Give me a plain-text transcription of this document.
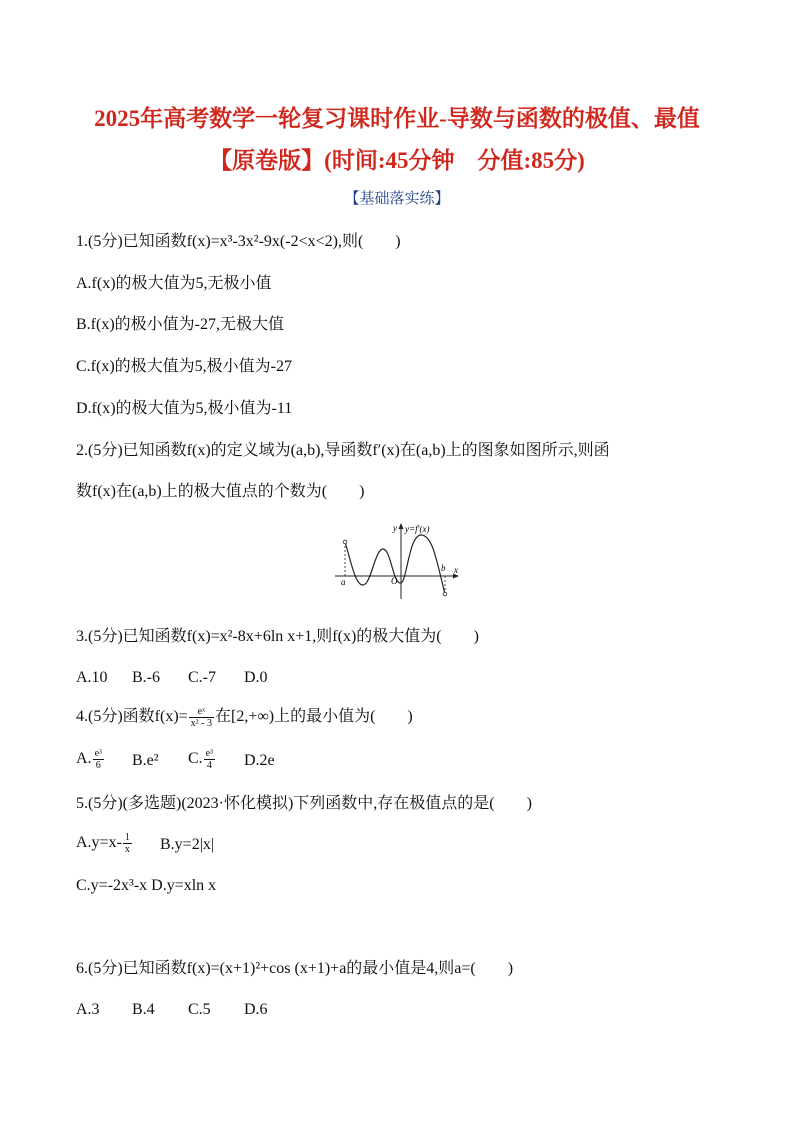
2025年高考数学一轮复习课时作业-导数与函数的极值、最值
【原卷版】(时间:45分钟　分值:85分)
【基础落实练】
1.(5分)已知函数f(x)=x³-3x²-9x(-2<x<2),则(　　)
A.f(x)的极大值为5,无极小值
B.f(x)的极小值为-27,无极大值
C.f(x)的极大值为5,极小值为-27
D.f(x)的极大值为5,极小值为-11
2.(5分)已知函数f(x)的定义域为(a,b),导函数f′(x)在(a,b)上的图象如图所示,则函
数f(x)在(a,b)上的极大值点的个数为(　　)
y y=f′(x)
x
O
a
b
3.(5分)已知函数f(x)=x²-8x+6ln x+1,则f(x)的极大值为(　　)
A.10 B.-6 C.-7 D.0
4.(5分)函数$f(x)= \frac{\text{eˣ}}{\text{x² - 3}}$ 在[2,+∞)上的最小值为(　　)
A. $\frac{\text{e³}}{6} B.e^2$ C. $\frac{\text{e³}}{4} D.2e$
5.(5分)(多选题)(2023·怀化模拟)下列函数中,存在极值点的是(　　)
$A.y=x- \frac{1}{x} B.y=2|x|$
C.y=-2x³-x D.y=xln x
6.(5分)已知函数f(x)=(x+1)²+cos (x+1)+a的最小值是4,则a=(　　)
A.3 B.4 C.5 D.6
